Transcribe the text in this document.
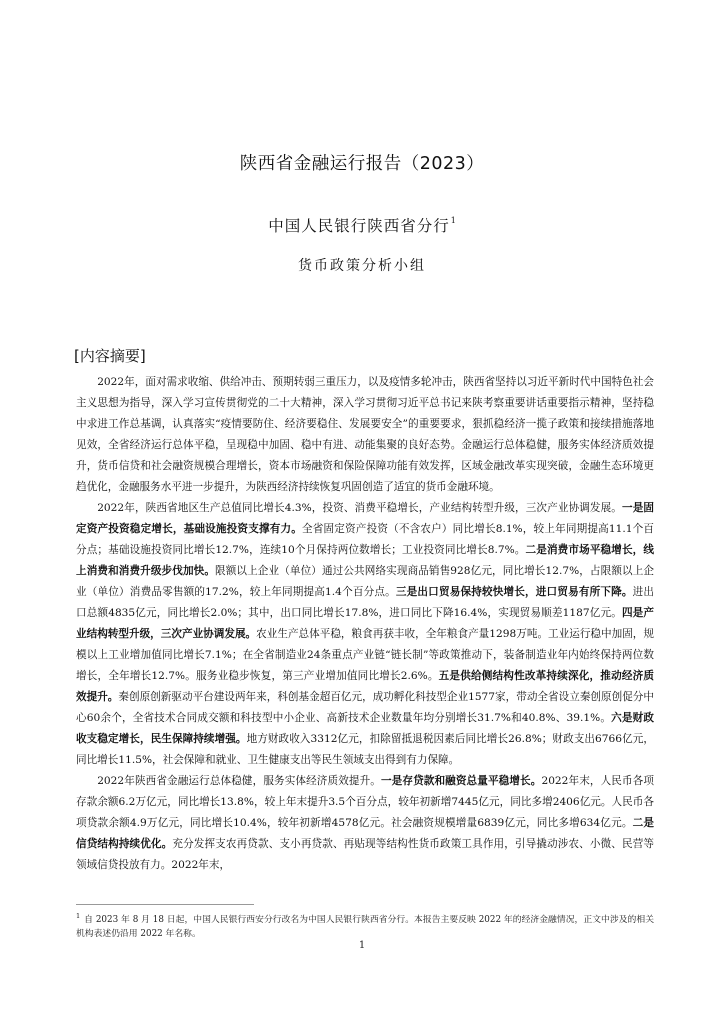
陕西省金融运行报告（2023）
中国人民银行陕西省分行$^1$
货币政策分析小组
[内容摘要]

2022年，面对需求收缩、供给冲击、预期转弱三重压力，以及疫情多轮冲击，陕西省坚持以习近平新时代中国特色社会主义思想为指导，深入学习宣传贯彻党的二十大精神，深入学习贯彻习近平总书记来陕考察重要讲话重要指示精神，坚持稳中求进工作总基调，认真落实“疫情要防住、经济要稳住、发展要安全”的重要要求，狠抓稳经济一揽子政策和接续措施落地见效，全省经济运行总体平稳，呈现稳中加固、稳中有进、动能集聚的良好态势。金融运行总体稳健，服务实体经济质效提升，货币信贷和社会融资规模合理增长，资本市场融资和保险保障功能有效发挥，区域金融改革实现突破，金融生态环境更趋优化，金融服务水平进一步提升，为陕西经济持续恢复巩固创造了适宜的货币金融环境。

2022年，陕西省地区生产总值同比增长4.3%，投资、消费平稳增长，产业结构转型升级，三次产业协调发展。一是固定资产投资稳定增长，基础设施投资支撑有力。全省固定资产投资（不含农户）同比增长8.1%，较上年同期提高11.1个百分点；基础设施投资同比增长12.7%，连续10个月保持两位数增长；工业投资同比增长8.7%。二是消费市场平稳增长，线上消费和消费升级步伐加快。限额以上企业（单位）通过公共网络实现商品销售928亿元，同比增长12.7%，占限额以上企业（单位）消费品零售额的17.2%，较上年同期提高1.4个百分点。三是出口贸易保持较快增长，进口贸易有所下降。进出口总额4835亿元，同比增长2.0%；其中，出口同比增长17.8%，进口同比下降16.4%，实现贸易顺差1187亿元。四是产业结构转型升级，三次产业协调发展。农业生产总体平稳，粮食再获丰收，全年粮食产量1298万吨。工业运行稳中加固，规模以上工业增加值同比增长7.1%；在全省制造业24条重点产业链“链长制”等政策推动下，装备制造业年内始终保持两位数增长，全年增长12.7%。服务业稳步恢复，第三产业增加值同比增长2.6%。五是供给侧结构性改革持续深化，推动经济质效提升。秦创原创新驱动平台建设两年来，科创基金超百亿元，成功孵化科技型企业1577家，带动全省设立秦创原创促分中心60余个，全省技术合同成交额和科技型中小企业、高新技术企业数量年均分别增长31.7%和40.8%、39.1%。六是财政收支稳定增长，民生保障持续增强。地方财政收入3312亿元，扣除留抵退税因素后同比增长26.8%；财政支出6766亿元，同比增长11.5%，社会保障和就业、卫生健康支出等民生领域支出得到有力保障。

2022年陕西省金融运行总体稳健，服务实体经济质效提升。一是存贷款和融资总量平稳增长。2022年末，人民币各项存款余额6.2万亿元，同比增长13.8%，较上年末提升3.5个百分点，较年初新增7445亿元，同比多增2406亿元。人民币各项贷款余额4.9万亿元，同比增长10.4%，较年初新增4578亿元。社会融资规模增量6839亿元，同比多增634亿元。二是信贷结构持续优化。充分发挥支农再贷款、支小再贷款、再贴现等结构性货币政策工具作用，引导撬动涉农、小微、民营等领域信贷投放有力。2022年末，

$^1$ 自 2023 年 8 月 18 日起，中国人民银行西安分行改名为中国人民银行陕西省分行。本报告主要反映 2022 年的经济金融情况，正文中涉及的相关机构表述仍沿用 2022 年名称。
1
